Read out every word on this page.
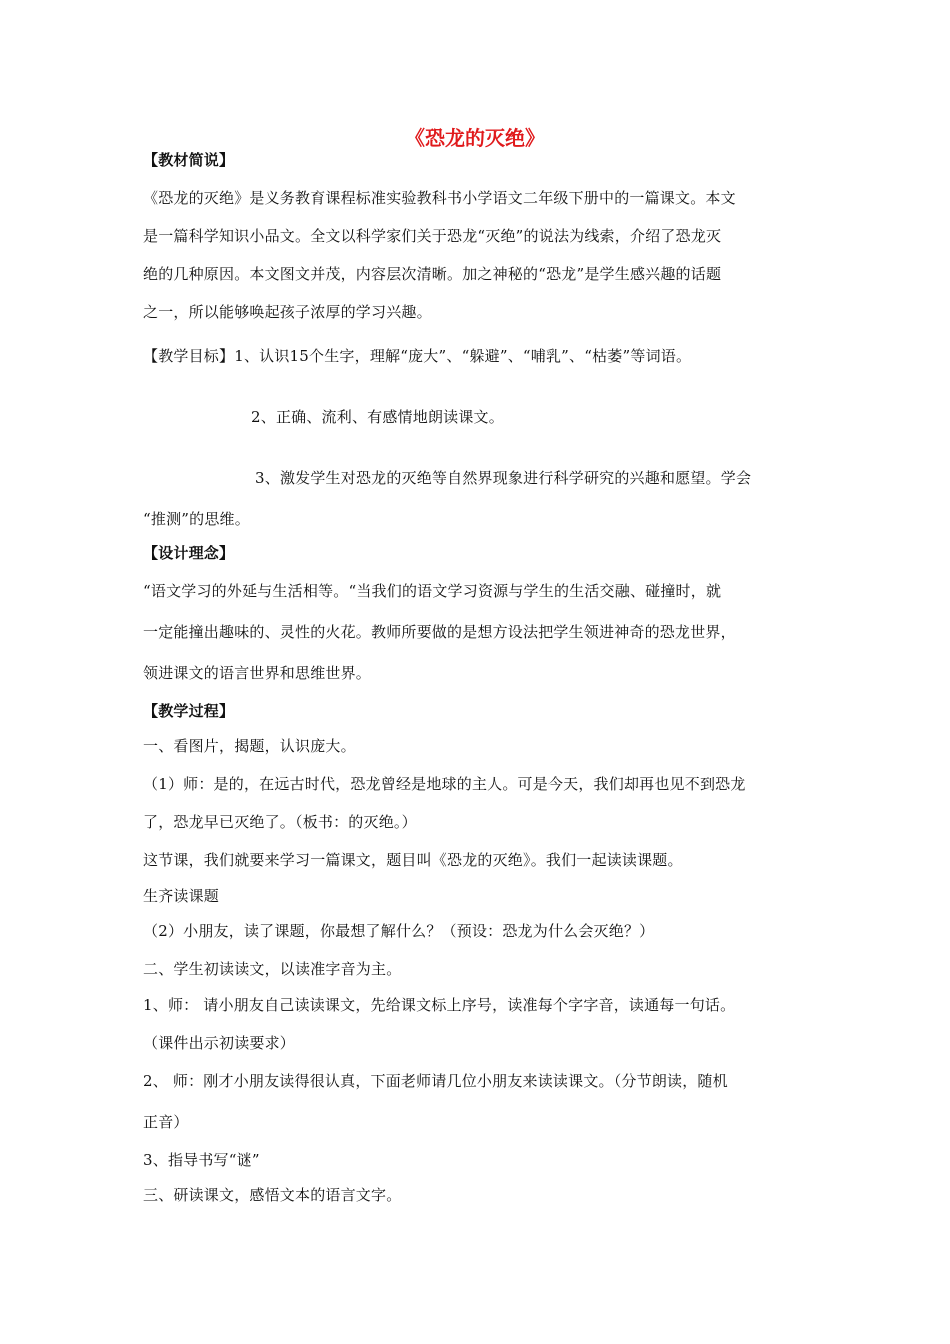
《恐龙的灭绝》
【教材简说】
《恐龙的灭绝》是义务教育课程标准实验教科书小学语文二年级下册中的一篇课文。本文
是一篇科学知识小品文。全文以科学家们关于恐龙“灭绝”的说法为线索，介绍了恐龙灭
绝的几种原因。本文图文并茂，内容层次清晰。加之神秘的“恐龙”是学生感兴趣的话题
之一，所以能够唤起孩子浓厚的学习兴趣。
【教学目标】1、认识15个生字，理解“庞大”、“躲避”、“哺乳”、“枯萎”等词语。
2、正确、流利、有感情地朗读课文。
3、激发学生对恐龙的灭绝等自然界现象进行科学研究的兴趣和愿望。学会
“推测”的思维。
【设计理念】
“语文学习的外延与生活相等。“当我们的语文学习资源与学生的生活交融、碰撞时，就
一定能撞出趣味的、灵性的火花。教师所要做的是想方设法把学生领进神奇的恐龙世界，
领进课文的语言世界和思维世界。
【教学过程】
一、看图片，揭题，认识庞大。
（1）师：是的，在远古时代，恐龙曾经是地球的主人。可是今天，我们却再也见不到恐龙
了，恐龙早已灭绝了。（板书：的灭绝。）
这节课，我们就要来学习一篇课文，题目叫《恐龙的灭绝》。我们一起读读课题。
生齐读课题
（2）小朋友，读了课题，你最想了解什么？（预设：恐龙为什么会灭绝？）
二、学生初读读文，以读准字音为主。
1、师： 请小朋友自己读读课文，先给课文标上序号，读准每个字字音，读通每一句话。
（课件出示初读要求）
2、 师：刚才小朋友读得很认真，下面老师请几位小朋友来读读课文。（分节朗读，随机
正音）
3、指导书写“谜”
三、研读课文，感悟文本的语言文字。
